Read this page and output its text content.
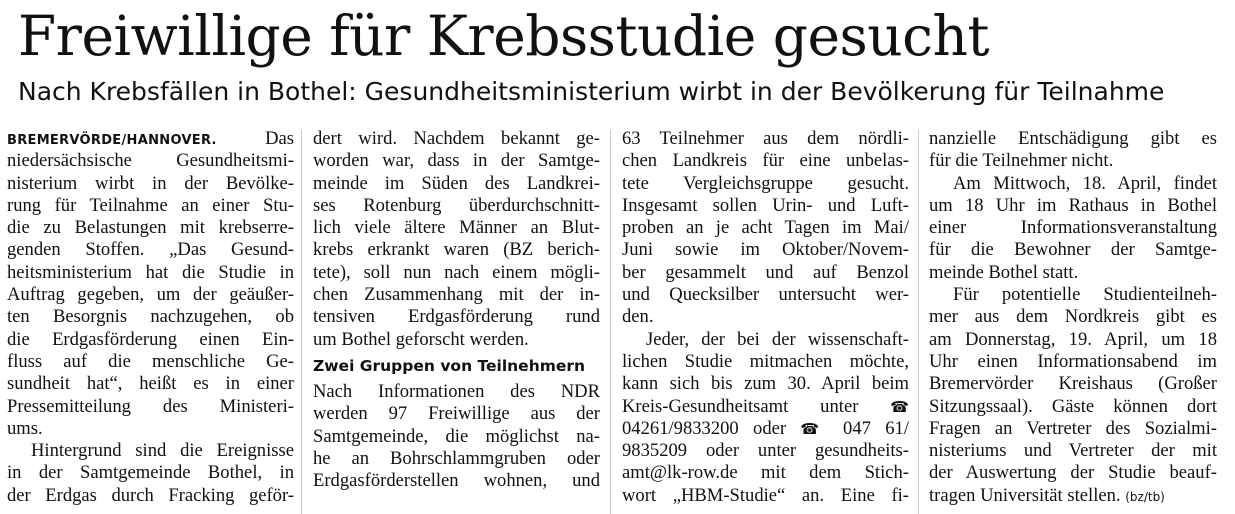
Freiwillige für Krebsstudie gesucht
Nach Krebsfällen in Bothel: Gesundheitsministerium wirbt in der Bevölkerung für Teilnahme
BREMERVÖRDE/HANNOVER.	Das
niedersächsische Gesundheitsmi-
nisterium wirbt in der Bevölke-
rung für Teilnahme an einer Stu-
die zu Belastungen mit krebserre-
genden Stoffen. „Das Gesund-
heitsministerium hat die Studie in
Auftrag gegeben, um der geäußer-
ten Besorgnis nachzugehen, ob
die Erdgasförderung einen Ein-
fluss auf die menschliche Ge-
sundheit hat“, heißt es in einer
Pressemitteilung des Ministeri-
ums.
Hintergrund sind die Ereignisse
in der Samtgemeinde Bothel, in
der Erdgas durch Fracking geför-
dert wird. Nachdem bekannt ge-
worden war, dass in der Samtge-
meinde im Süden des Landkrei-
ses Rotenburg überdurchschnitt-
lich viele ältere Männer an Blut-
krebs erkrankt waren (BZ berich-
tete), soll nun nach einem mögli-
chen Zusammenhang mit der in-
tensiven Erdgasförderung rund
um Bothel geforscht werden.
Zwei Gruppen von Teilnehmern
Nach Informationen des NDR
werden 97 Freiwillige aus der
Samtgemeinde, die möglichst na-
he an Bohrschlammgruben oder
Erdgasförderstellen wohnen, und
63 Teilnehmer aus dem nördli-
chen Landkreis für eine unbelas-
tete Vergleichsgruppe gesucht.
Insgesamt sollen Urin- und Luft-
proben an je acht Tagen im Mai/
Juni sowie im Oktober/Novem-
ber gesammelt und auf Benzol
und Quecksilber untersucht wer-
den.
Jeder, der bei der wissenschaft-
lichen Studie mitmachen möchte,
kann sich bis zum 30. April beim
Kreis-Gesundheitsamt unter ☎
04261/9833200 oder ☎ 047 61/
9835209 oder unter gesundheits-
amt@lk-row.de mit dem Stich-
wort „HBM-Studie“ an. Eine fi-
nanzielle Entschädigung gibt es
für die Teilnehmer nicht.
Am Mittwoch, 18. April, findet
um 18 Uhr im Rathaus in Bothel
einer Informationsveranstaltung
für die Bewohner der Samtge-
meinde Bothel statt.
Für potentielle Studienteilneh-
mer aus dem Nordkreis gibt es
am Donnerstag, 19. April, um 18
Uhr einen Informationsabend im
Bremervörder Kreishaus (Großer
Sitzungssaal). Gäste können dort
Fragen an Vertreter des Sozialmi-
nisteriums und Vertreter der mit
der Auswertung der Studie beauf-
tragen Universität stellen. (bz/tb)
